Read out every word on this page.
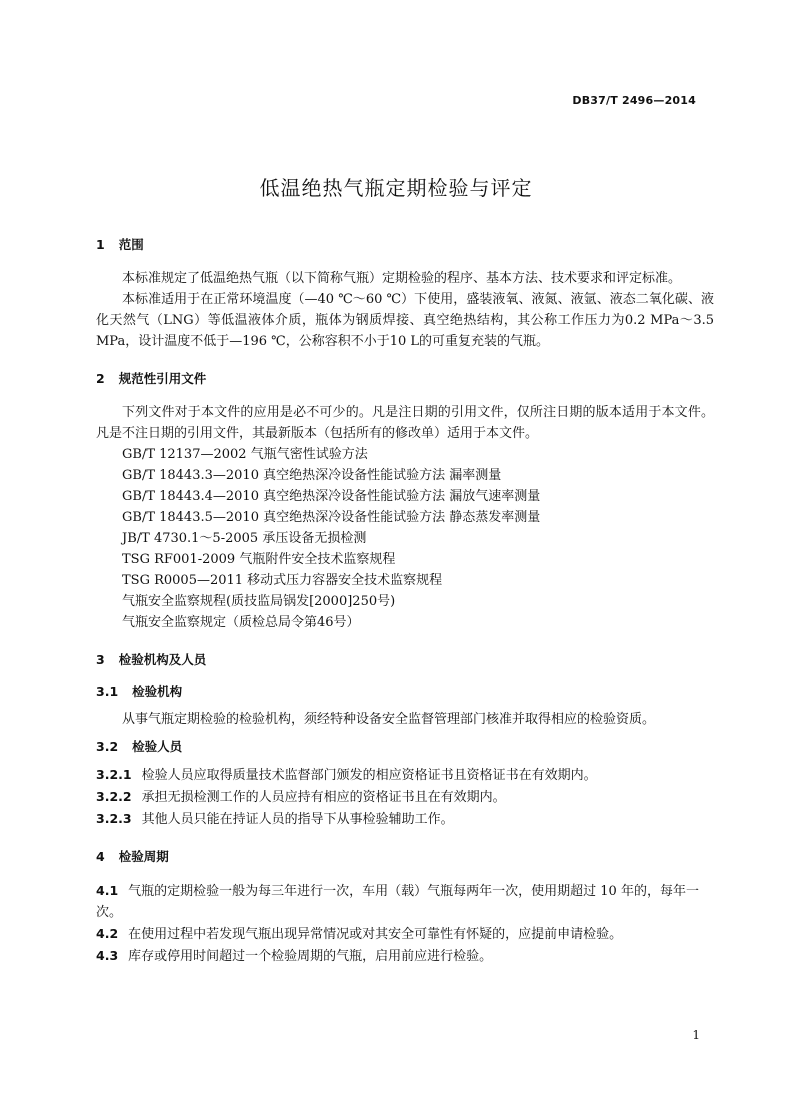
DB37/T 2496—2014
低温绝热气瓶定期检验与评定
1 范围
本标准规定了低温绝热气瓶（以下简称气瓶）定期检验的程序、基本方法、技术要求和评定标准。
本标准适用于在正常环境温度（—40 ℃～60 ℃）下使用，盛装液氧、液氮、液氩、液态二氧化碳、液化天然气（LNG）等低温液体介质，瓶体为钢质焊接、真空绝热结构，其公称工作压力为0.2 MPa～3.5 MPa，设计温度不低于—196 ℃，公称容积不小于10 L的可重复充装的气瓶。
2 规范性引用文件
下列文件对于本文件的应用是必不可少的。凡是注日期的引用文件，仅所注日期的版本适用于本文件。凡是不注日期的引用文件，其最新版本（包括所有的修改单）适用于本文件。
GB/T 12137—2002 气瓶气密性试验方法
GB/T 18443.3—2010 真空绝热深冷设备性能试验方法 漏率测量
GB/T 18443.4—2010 真空绝热深冷设备性能试验方法 漏放气速率测量
GB/T 18443.5—2010 真空绝热深冷设备性能试验方法 静态蒸发率测量
JB/T 4730.1～5-2005 承压设备无损检测
TSG RF001-2009 气瓶附件安全技术监察规程
TSG R0005—2011 移动式压力容器安全技术监察规程
气瓶安全监察规程(质技监局锅发[2000]250号)
气瓶安全监察规定（质检总局令第46号）
3 检验机构及人员
3.1 检验机构
从事气瓶定期检验的检验机构，须经特种设备安全监督管理部门核准并取得相应的检验资质。
3.2 检验人员
3.2.1 检验人员应取得质量技术监督部门颁发的相应资格证书且资格证书在有效期内。
3.2.2 承担无损检测工作的人员应持有相应的资格证书且在有效期内。
3.2.3 其他人员只能在持证人员的指导下从事检验辅助工作。
4 检验周期
4.1 气瓶的定期检验一般为每三年进行一次，车用（载）气瓶每两年一次，使用期超过 10 年的，每年一次。
4.2 在使用过程中若发现气瓶出现异常情况或对其安全可靠性有怀疑的，应提前申请检验。
4.3 库存或停用时间超过一个检验周期的气瓶，启用前应进行检验。
1
